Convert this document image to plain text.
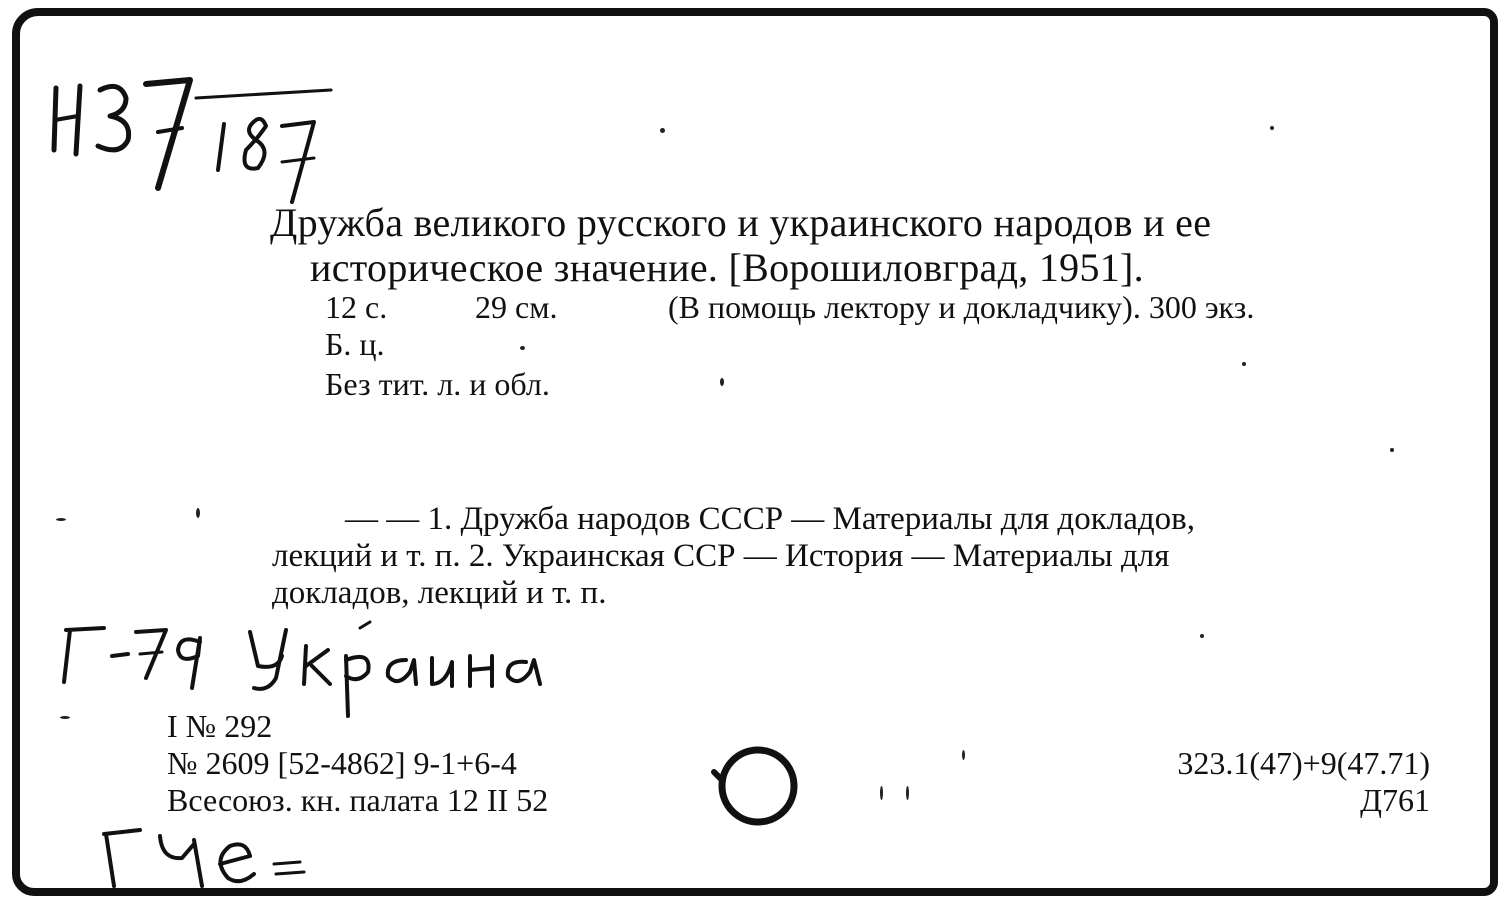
Дружба великого русского и украинского народов и ее
историческое значение. [Ворошиловград, 1951].
12 с.	29 см.	(В помощь лектору и докладчику). 300 экз.
Б. ц.
Без тит. л. и обл.
— — 1. Дружба народов СССР — Материалы для докладов,
лекций и т. п. 2. Украинская ССР — История — Материалы для
докладов, лекций и т. п.
I № 292
№ 2609 [52-4862] 9-1+6-4
Всесоюз. кн. палата 12 II 52
323.1(47)+9(47.71)
Д761
